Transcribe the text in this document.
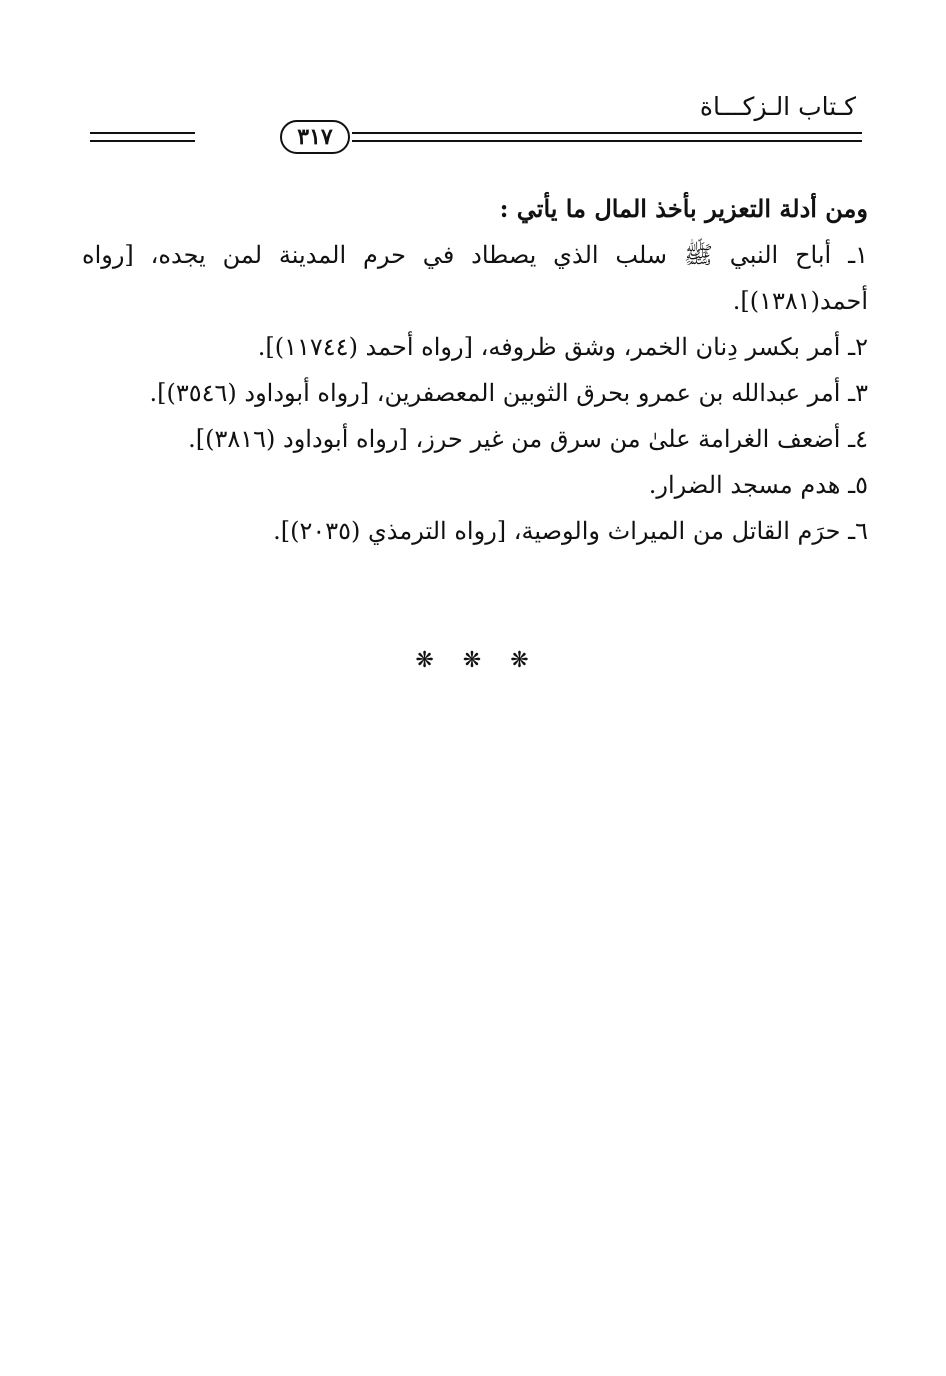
كـتاب الـزكـــاة
٣١٧

ومن أدلة التعزير بأخذ المال ما يأتي :

١ـ أباح النبي ﷺ سلب الذي يصطاد في حرم المدينة لمن يجده، [رواه أحمد(١٣٨١)].
٢ـ أمر بكسر دِنان الخمر، وشق ظروفه، [رواه أحمد (١١٧٤٤)].
٣ـ أمر عبدالله بن عمرو بحرق الثوبين المعصفرين، [رواه أبوداود (٣٥٤٦)].
٤ـ أضعف الغرامة علىٰ من سرق من غير حرز، [رواه أبوداود (٣٨١٦)].
٥ـ هدم مسجد الضرار.
٦ـ حرَم القاتل من الميراث والوصية، [رواه الترمذي (٢٠٣٥)].
❋ ❋ ❋
